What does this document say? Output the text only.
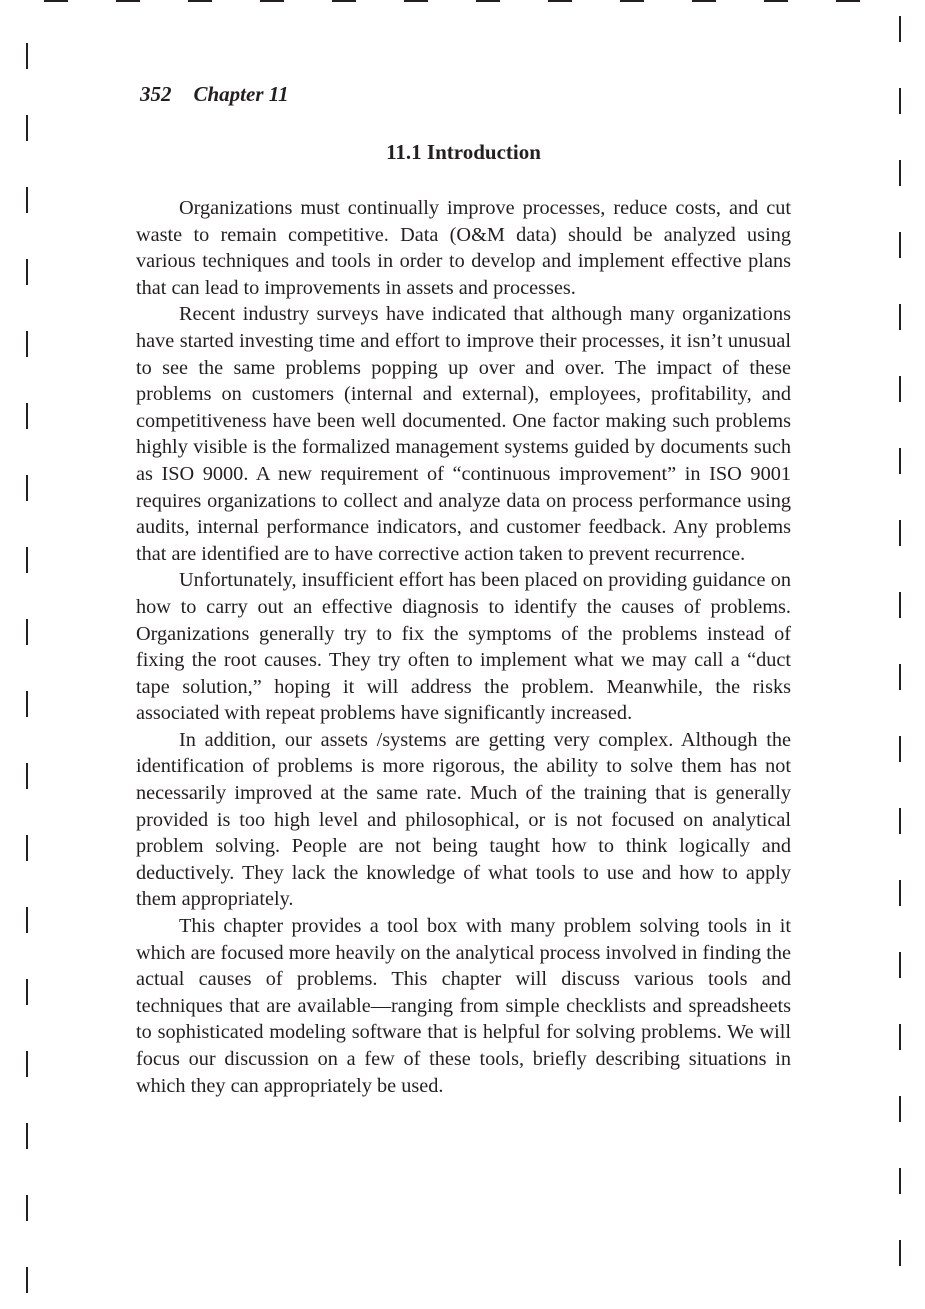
352 Chapter 11
11.1 Introduction

Organizations must continually improve processes, reduce costs, and cut waste to remain competitive. Data (O&M data) should be analyzed using various techniques and tools in order to develop and implement effective plans that can lead to improvements in assets and processes.

Recent industry surveys have indicated that although many organizations have started investing time and effort to improve their processes, it isn’t unusual to see the same problems popping up over and over. The impact of these problems on customers (internal and external), employees, profitability, and competitiveness have been well documented. One factor making such problems highly visible is the formalized management systems guided by documents such as ISO 9000. A new requirement of “continuous improvement” in ISO 9001 requires organizations to collect and analyze data on process performance using audits, internal performance indicators, and customer feedback. Any problems that are identified are to have corrective action taken to prevent recurrence.

Unfortunately, insufficient effort has been placed on providing guidance on how to carry out an effective diagnosis to identify the causes of problems. Organizations generally try to fix the symptoms of the problems instead of fixing the root causes. They try often to implement what we may call a “duct tape solution,” hoping it will address the problem. Meanwhile, the risks associated with repeat problems have significantly increased.

In addition, our assets /systems are getting very complex. Although the identification of problems is more rigorous, the ability to solve them has not necessarily improved at the same rate. Much of the training that is generally provided is too high level and philosophical, or is not focused on analytical problem solving. People are not being taught how to think logically and deductively. They lack the knowledge of what tools to use and how to apply them appropriately.

This chapter provides a tool box with many problem solving tools in it which are focused more heavily on the analytical process involved in finding the actual causes of problems. This chapter will discuss various tools and techniques that are available—ranging from simple checklists and spreadsheets to sophisticated modeling software that is helpful for solving problems. We will focus our discussion on a few of these tools, briefly describing situations in which they can appropriately be used.
